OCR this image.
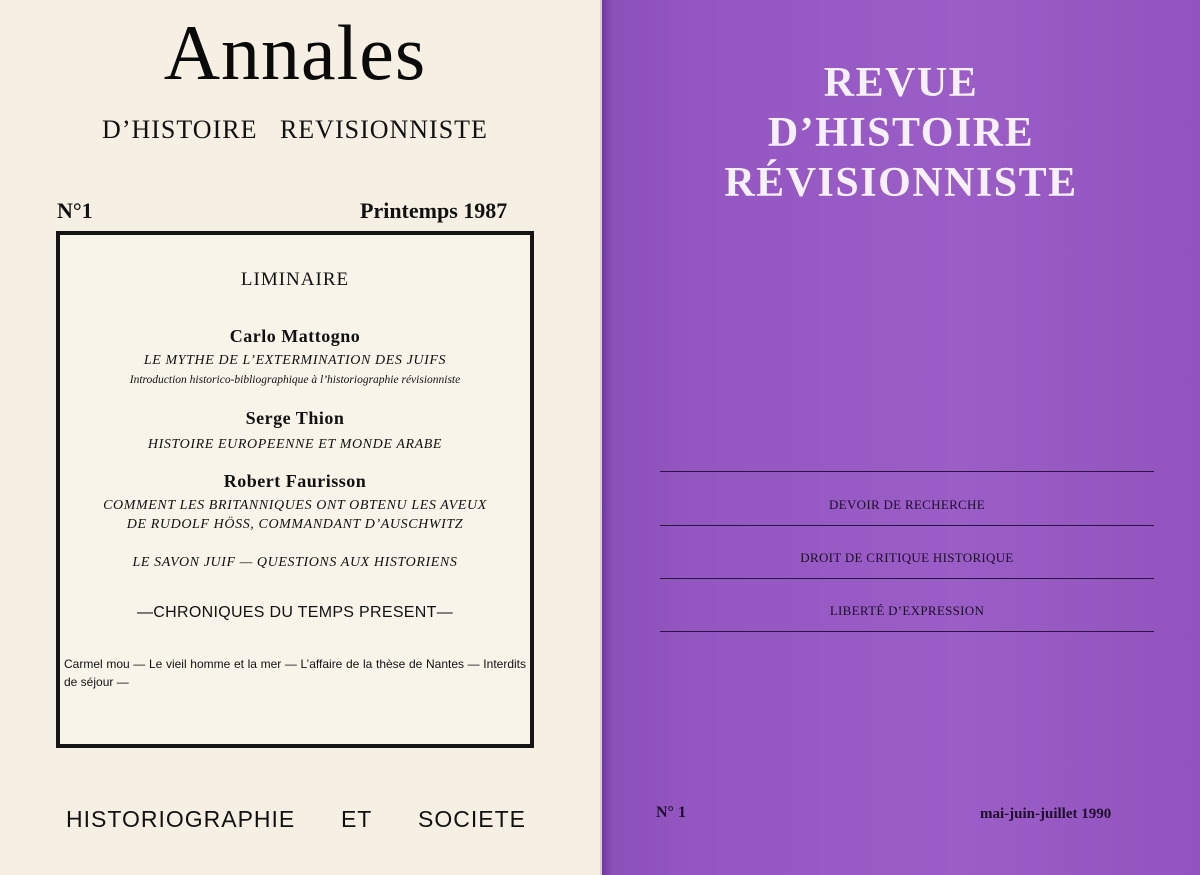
Annales
D’HISTOIRE   REVISIONNISTE
N°1	Printemps 1987
LIMINAIRE
Carlo Mattogno
LE MYTHE DE L’EXTERMINATION DES JUIFS
Introduction historico-bibliographique à l’historiographie révisionniste
Serge Thion
HISTOIRE EUROPEENNE ET MONDE ARABE
Robert Faurisson
COMMENT LES BRITANNIQUES ONT OBTENU LES AVEUX
DE RUDOLF HÖSS, COMMANDANT D’AUSCHWITZ
LE SAVON JUIF — QUESTIONS AUX HISTORIENS
—CHRONIQUES DU TEMPS PRESENT—
Carmel mou — Le vieil homme et la mer — L’affaire de la thèse de Nantes — Interdits de séjour —
HISTORIOGRAPHIE ET SOCIETE
REVUE
D’HISTOIRE
RÉVISIONNISTE
DEVOIR DE RECHERCHE
DROIT DE CRITIQUE HISTORIQUE
LIBERTÉ D’EXPRESSION
N° 1	mai-juin-juillet 1990
